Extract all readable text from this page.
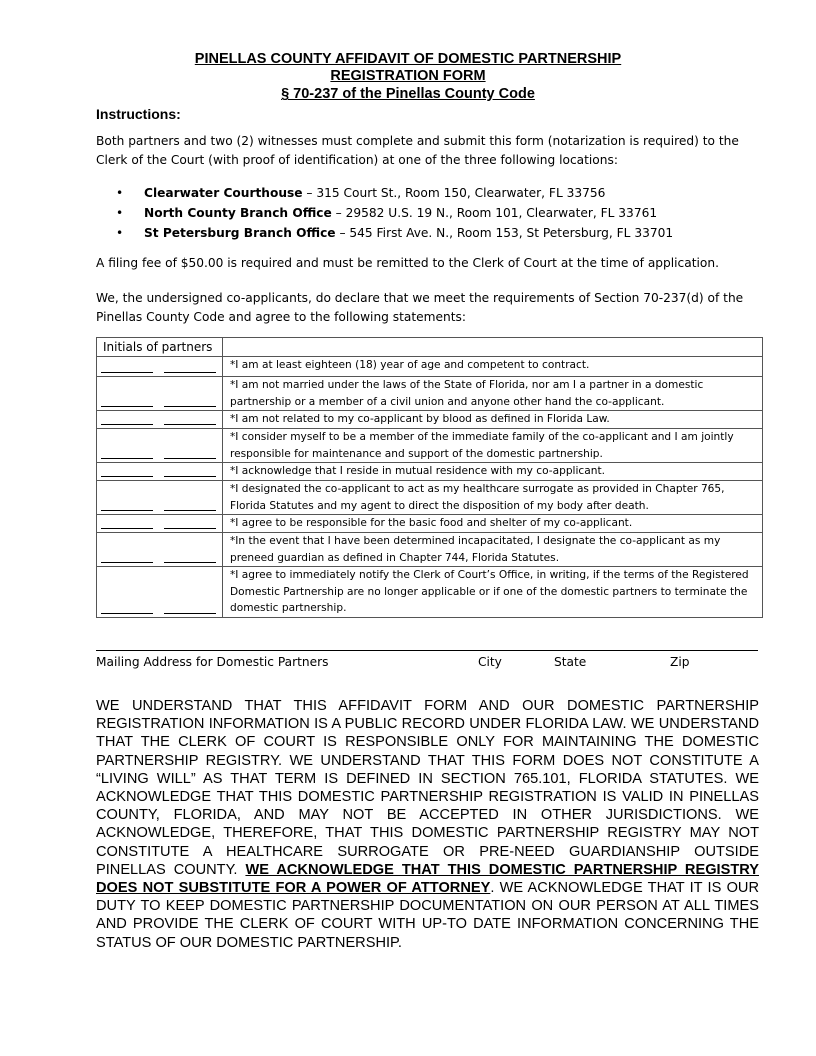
PINELLAS COUNTY AFFIDAVIT OF DOMESTIC PARTNERSHIP
REGISTRATION FORM
§ 70-237 of the Pinellas County Code
Instructions:
Both partners and two (2) witnesses must complete and submit this form (notarization is required) to the Clerk of the Court (with proof of identification) at one of the three following locations:
• Clearwater Courthouse – 315 Court St., Room 150, Clearwater, FL 33756
• North County Branch Office – 29582 U.S. 19 N., Room 101, Clearwater, FL 33761
• St Petersburg Branch Office – 545 First Ave. N., Room 153, St Petersburg, FL 33701
A filing fee of $50.00 is required and must be remitted to the Clerk of Court at the time of application.
We, the undersigned co-applicants, do declare that we meet the requirements of Section 70-237(d) of the Pinellas County Code and agree to the following statements:
Initials of partners	

	*I am at least eighteen (18) year of age and competent to contract.

	*I am not married under the laws of the State of Florida, nor am I a partner in a domestic partnership or a member of a civil union and anyone other hand the co-applicant.

	*I am not related to my co-applicant by blood as defined in Florida Law.

	*I consider myself to be a member of the immediate family of the co-applicant and I am jointly responsible for maintenance and support of the domestic partnership.

	*I acknowledge that I reside in mutual residence with my co-applicant.

	*I designated the co-applicant to act as my healthcare surrogate as provided in Chapter 765, Florida Statutes and my agent to direct the disposition of my body after death.

	*I agree to be responsible for the basic food and shelter of my co-applicant.

	*In the event that I have been determined incapacitated, I designate the co-applicant as my preneed guardian as defined in Chapter 744, Florida Statutes.

	*I agree to immediately notify the Clerk of Court’s Office, in writing, if the terms of the Registered Domestic Partnership are no longer applicable or if one of the domestic partners to terminate the domestic partnership.
Mailing Address for Domestic Partners	City	State	Zip
WE UNDERSTAND THAT THIS AFFIDAVIT FORM AND OUR DOMESTIC PARTNERSHIP REGISTRATION INFORMATION IS A PUBLIC RECORD UNDER FLORIDA LAW. WE UNDERSTAND THAT THE CLERK OF COURT IS RESPONSIBLE ONLY FOR MAINTAINING THE DOMESTIC PARTNERSHIP REGISTRY. WE UNDERSTAND THAT THIS FORM DOES NOT CONSTITUTE A “LIVING WILL” AS THAT TERM IS DEFINED IN SECTION 765.101, FLORIDA STATUTES. WE ACKNOWLEDGE THAT THIS DOMESTIC PARTNERSHIP REGISTRATION IS VALID IN PINELLAS COUNTY, FLORIDA, AND MAY NOT BE ACCEPTED IN OTHER JURISDICTIONS. WE ACKNOWLEDGE, THEREFORE, THAT THIS DOMESTIC PARTNERSHIP REGISTRY MAY NOT CONSTITUTE A HEALTHCARE SURROGATE OR PRE-NEED GUARDIANSHIP OUTSIDE PINELLAS COUNTY. WE ACKNOWLEDGE THAT THIS DOMESTIC PARTNERSHIP REGISTRY DOES NOT SUBSTITUTE FOR A POWER OF ATTORNEY. WE ACKNOWLEDGE THAT IT IS OUR DUTY TO KEEP DOMESTIC PARTNERSHIP DOCUMENTATION ON OUR PERSON AT ALL TIMES AND PROVIDE THE CLERK OF COURT WITH UP-TO DATE INFORMATION CONCERNING THE STATUS OF OUR DOMESTIC PARTNERSHIP.
